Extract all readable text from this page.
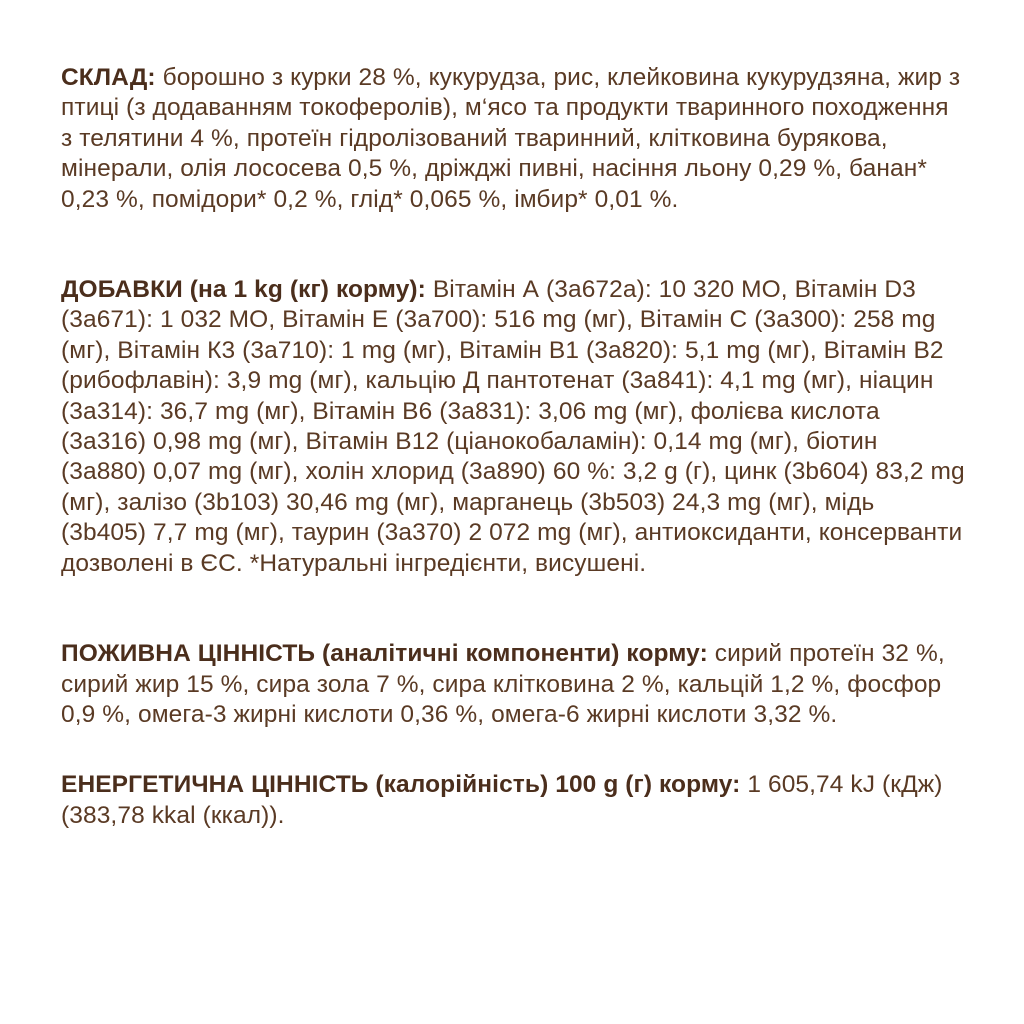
СКЛАД: борошно з курки 28 %, кукурудза, рис, клейковина кукурудзяна, жир з птиці (з додаванням токоферолів), м‘ясо та продукти тваринного походження з телятини 4 %, протеїн гідролізований тваринний, клітковина бурякова, мінерали, олія лососева 0,5 %, дріжджі пивні, насіння льону 0,29 %, банан* 0,23 %, помідори* 0,2 %, глід* 0,065 %, імбир* 0,01 %.

ДОБАВКИ (на 1 kg (кг) корму): Вітамін А (3a672a): 10 320 МО, Вітамін D3 (3a671): 1 032 МО, Вітамін Е (3a700): 516 mg (мг), Вітамін С (3a300): 258 mg (мг), Вітамін К3 (3a710): 1 mg (мг), Вітамін В1 (3a820): 5,1 mg (мг), Вітамін В2 (рибофлавін): 3,9 mg (мг), кальцію Д пантотенат (3a841): 4,1 mg (мг), ніацин (3a314): 36,7 mg (мг), Вітамін В6 (3a831): 3,06 mg (мг), фолієва кислота (3a316) 0,98 mg (мг), Вітамін В12 (ціанокобаламін): 0,14 mg (мг), біотин (3a880) 0,07 mg (мг), холін хлорид (3a890) 60 %: 3,2 g (г), цинк (3b604) 83,2 mg (мг), залізо (3b103) 30,46 mg (мг), марганець (3b503) 24,3 mg (мг), мідь (3b405) 7,7 mg (мг), таурин (3a370) 2 072 mg (мг), антиоксиданти, консерванти дозволені в ЄС. *Натуральні інгредієнти, висушені.

ПОЖИВНА ЦІННІСТЬ (аналітичні компоненти) корму: сирий протеїн 32 %, сирий жир 15 %, сира зола 7 %, сира клітковина 2 %, кальцій 1,2 %, фосфор 0,9 %, омега-3 жирні кислоти 0,36 %, омега-6 жирні кислоти 3,32 %.

ЕНЕРГЕТИЧНА ЦІННІСТЬ (калорійність) 100 g (г) корму: 1 605,74 kJ (кДж) (383,78 kkal (ккал)).
